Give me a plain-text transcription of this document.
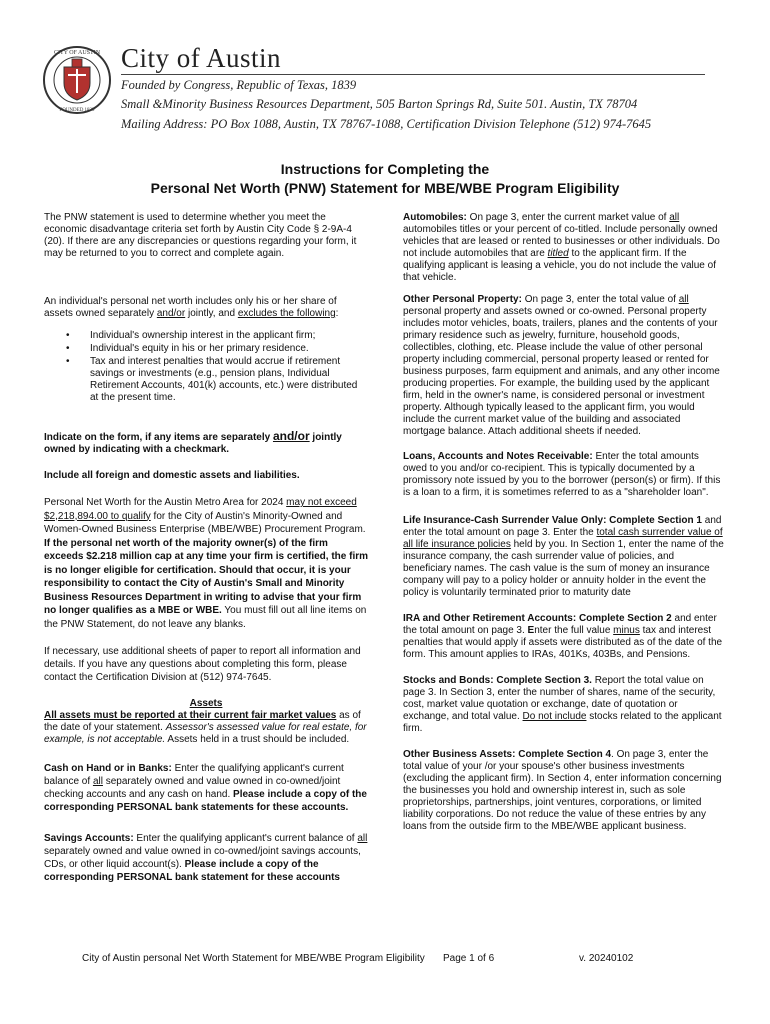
CITY OF AUSTIN
FOUNDED 1839
City of Austin
Founded by Congress, Republic of Texas, 1839
Small &Minority Business Resources Department, 505 Barton Springs Rd, Suite 501. Austin, TX 78704
Mailing Address: PO Box 1088, Austin, TX 78767-1088, Certification Division Telephone (512) 974-7645
Instructions for Completing the
Personal Net Worth (PNW) Statement for MBE/WBE Program Eligibility

The PNW statement is used to determine whether you meet the economic disadvantage criteria set forth by Austin City Code § 2-9A-4 (20). If there are any discrepancies or questions regarding your form, it may be returned to you to correct and complete again.

An individual's personal net worth includes only his or her share of assets owned separately and/or jointly, and excludes the following:

• Individual's ownership interest in the applicant firm;
• Individual's equity in his or her primary residence.
• Tax and interest penalties that would accrue if retirement savings or investments (e.g., pension plans, Individual Retirement Accounts, 401(k) accounts, etc.) were distributed at the present time.

Indicate on the form, if any items are separately and/or jointly owned by indicating with a checkmark.

Include all foreign and domestic assets and liabilities.

Personal Net Worth for the Austin Metro Area for 2024 may not exceed $2,218,894.00 to qualify for the City of Austin's Minority-Owned and Women-Owned Business Enterprise (MBE/WBE) Procurement Program. If the personal net worth of the majority owner(s) of the firm exceeds $2.218 million cap at any time your firm is certified, the firm is no longer eligible for certification. Should that occur, it is your responsibility to contact the City of Austin's Small and Minority Business Resources Department in writing to advise that your firm no longer qualifies as a MBE or WBE. You must fill out all line items on the PNW Statement, do not leave any blanks.

If necessary, use additional sheets of paper to report all information and details. If you have any questions about completing this form, please contact the Certification Division at (512) 974-7645.

Assets

All assets must be reported at their current fair market values as of the date of your statement. Assessor's assessed value for real estate, for example, is not acceptable. Assets held in a trust should be included.

Cash on Hand or in Banks: Enter the qualifying applicant's current balance of all separately owned and value owned in co-owned/joint checking accounts and any cash on hand. Please include a copy of the corresponding PERSONAL bank statements for these accounts.

Savings Accounts: Enter the qualifying applicant's current balance of all separately owned and value owned in co-owned/joint savings accounts, CDs, or other liquid account(s). Please include a copy of the corresponding PERSONAL bank statement for these accounts

Automobiles: On page 3, enter the current market value of all automobiles titles or your percent of co-titled. Include personally owned vehicles that are leased or rented to businesses or other individuals. Do not include automobiles that are titled to the applicant firm. If the qualifying applicant is leasing a vehicle, you do not include the value of that vehicle.

Other Personal Property: On page 3, enter the total value of all personal property and assets owned or co-owned. Personal property includes motor vehicles, boats, trailers, planes and the contents of your primary residence such as jewelry, furniture, household goods, collectibles, clothing, etc. Please include the value of other personal property including commercial, personal property leased or rented for business purposes, farm equipment and animals, and any other income producing properties. For example, the building used by the applicant firm, held in the owner's name, is considered personal or investment property. Although typically leased to the applicant firm, you would include the current market value of the building and associated mortgage balance. Attach additional sheets if needed.

Loans, Accounts and Notes Receivable: Enter the total amounts owed to you and/or co-recipient. This is typically documented by a promissory note issued by you to the borrower (person(s) or firm). If this is a loan to a firm, it is sometimes referred to as a "shareholder loan".

Life Insurance-Cash Surrender Value Only: Complete Section 1 and enter the total amount on page 3. Enter the total cash surrender value of all life insurance policies held by you. In Section 1, enter the name of the insurance company, the cash surrender value of policies, and beneficiary names. The cash value is the sum of money an insurance company will pay to a policy holder or annuity holder in the event the policy is voluntarily terminated prior to maturity date

IRA and Other Retirement Accounts: Complete Section 2 and enter the total amount on page 3. Enter the full value minus tax and interest penalties that would apply if assets were distributed as of the date of the form. This amount applies to IRAs, 401Ks, 403Bs, and Pensions.

Stocks and Bonds: Complete Section 3. Report the total value on page 3. In Section 3, enter the number of shares, name of the security, cost, market value quotation or exchange, date of quotation or exchange, and total value. Do not include stocks related to the applicant firm.

Other Business Assets: Complete Section 4. On page 3, enter the total value of your /or your spouse's other business investments (excluding the applicant firm). In Section 4, enter information concerning the businesses you hold and ownership interest in, such as sole proprietorships, partnerships, joint ventures, corporations, or limited liability corporations. Do not reduce the value of these entries by any loans from the outside firm to the MBE/WBE applicant business.

City of Austin personal Net Worth Statement for MBE/WBE Program Eligibility Page 1 of 6	v. 20240102
